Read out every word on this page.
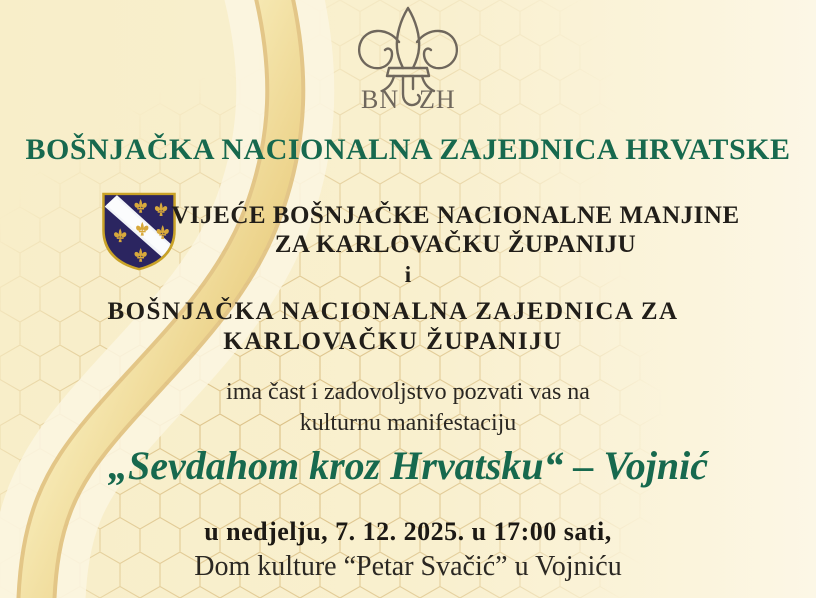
BN ZH
BOŠNJAČKA NACIONALNA ZAJEDNICA HRVATSKE
VIJEĆE BOŠNJAČKE NACIONALNE MANJINE
ZA KARLOVAČKU ŽUPANIJU
i
BOŠNJAČKA NACIONALNA ZAJEDNICA ZA
KARLOVAČKU ŽUPANIJU
ima čast i zadovoljstvo pozvati vas na
kulturnu manifestaciju
„Sevdahom kroz Hrvatsku“ – Vojnić
u nedjelju, 7. 12. 2025. u 17:00 sati,
Dom kulture “Petar Svačić” u Vojniću
